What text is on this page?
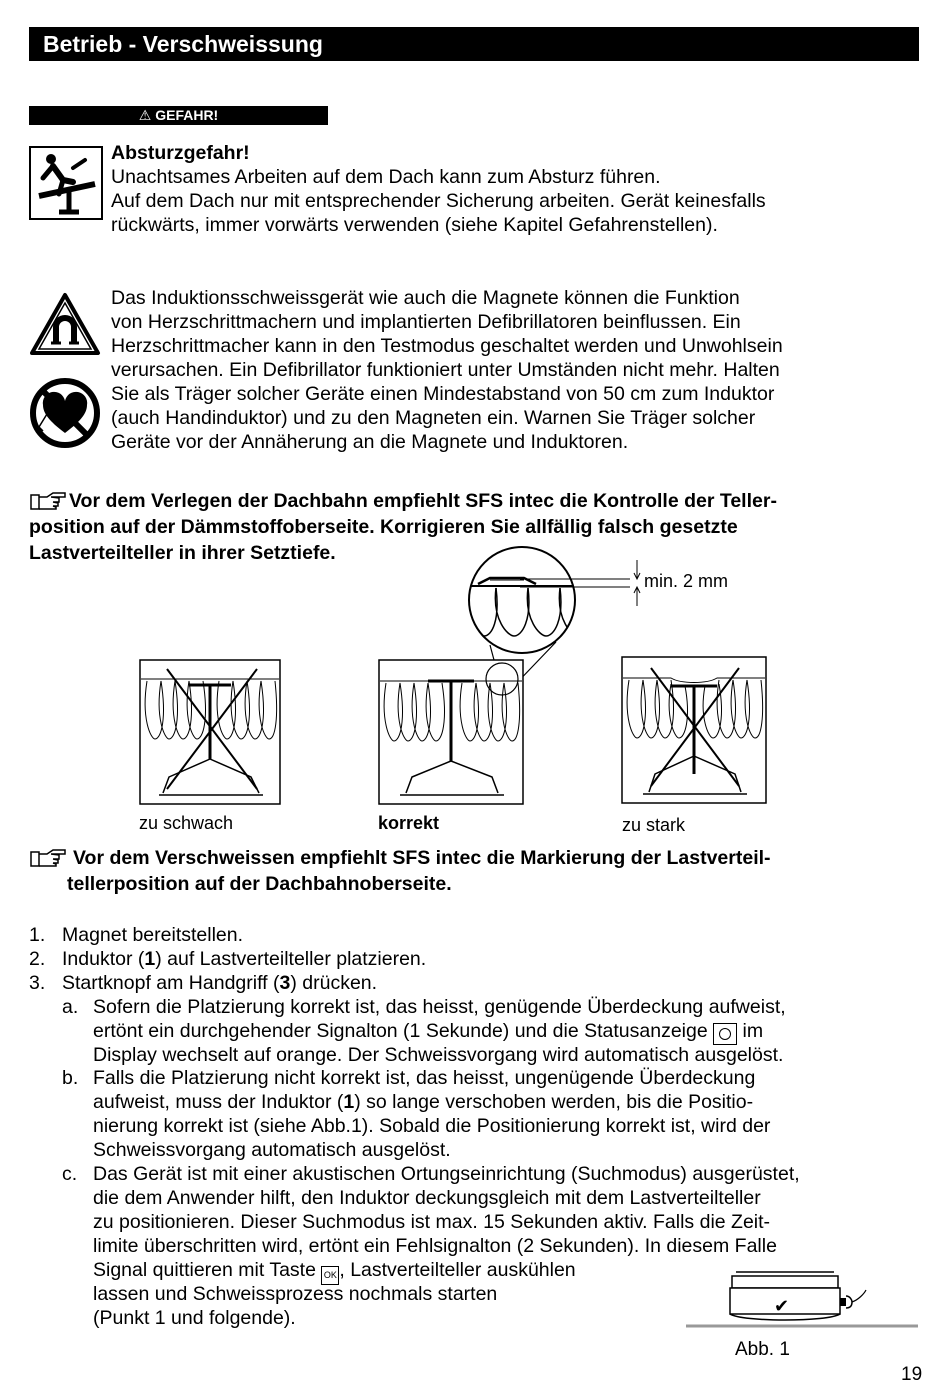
Betrieb - Verschweissung
⚠ GEFAHR!
Absturzgefahr!
Unachtsames Arbeiten auf dem Dach kann zum Absturz führen.
Auf dem Dach nur mit entsprechender Sicherung arbeiten. Gerät keinesfalls
rückwärts, immer vorwärts verwenden (siehe Kapitel Gefahrenstellen).
Das Induktionsschweissgerät wie auch die Magnete können die Funktion
von Herzschrittmachern und implantierten Defibrillatoren beinflussen. Ein
Herzschrittmacher kann in den Testmodus geschaltet werden und Unwohlsein
verursachen. Ein Defibrillator funktioniert unter Umständen nicht mehr. Halten
Sie als Träger solcher Geräte einen Mindestabstand von 50 cm zum Induktor
(auch Handinduktor) und zu den Magneten ein. Warnen Sie Träger solcher
Geräte vor der Annäherung an die Magnete und Induktoren.
Vor dem Verlegen der Dachbahn empfiehlt SFS intec die Kontrolle der Teller-
position auf der Dämmstoffoberseite. Korrigieren Sie allfällig falsch gesetzte
Lastverteilteller in ihrer Setztiefe.
min. 2 mm
zu schwach	korrekt	zu stark
Vor dem Verschweissen empfiehlt SFS intec die Markierung der Lastverteil-
tellerposition auf der Dachbahnoberseite.
1. Magnet bereitstellen.
2. Induktor (1) auf Lastverteilteller platzieren.
3. Startknopf am Handgriff (3) drücken.
a. Sofern die Platzierung korrekt ist, das heisst, genügende Überdeckung aufweist,
ertönt ein durchgehender Signalton (1 Sekunde) und die Statusanzeige im
Display wechselt auf orange. Der Schweissvorgang wird automatisch ausgelöst.
b. Falls die Platzierung nicht korrekt ist, das heisst, ungenügende Überdeckung
aufweist, muss der Induktor (1) so lange verschoben werden, bis die Positio-
nierung korrekt ist (siehe Abb.1). Sobald die Positionierung korrekt ist, wird der
Schweissvorgang automatisch ausgelöst.
c. Das Gerät ist mit einer akustischen Ortungseinrichtung (Suchmodus) ausgerüstet,
die dem Anwender hilft, den Induktor deckungsgleich mit dem Lastverteilteller
zu positionieren. Dieser Suchmodus ist max. 15 Sekunden aktiv. Falls die Zeit-
limite überschritten wird, ertönt ein Fehlsignalton (2 Sekunden). In diesem Falle
Signal quittieren mit Taste OK , Lastverteilteller auskühlen
lassen und Schweissprozess nochmals starten
(Punkt 1 und folgende).
✔
Abb. 1
19
